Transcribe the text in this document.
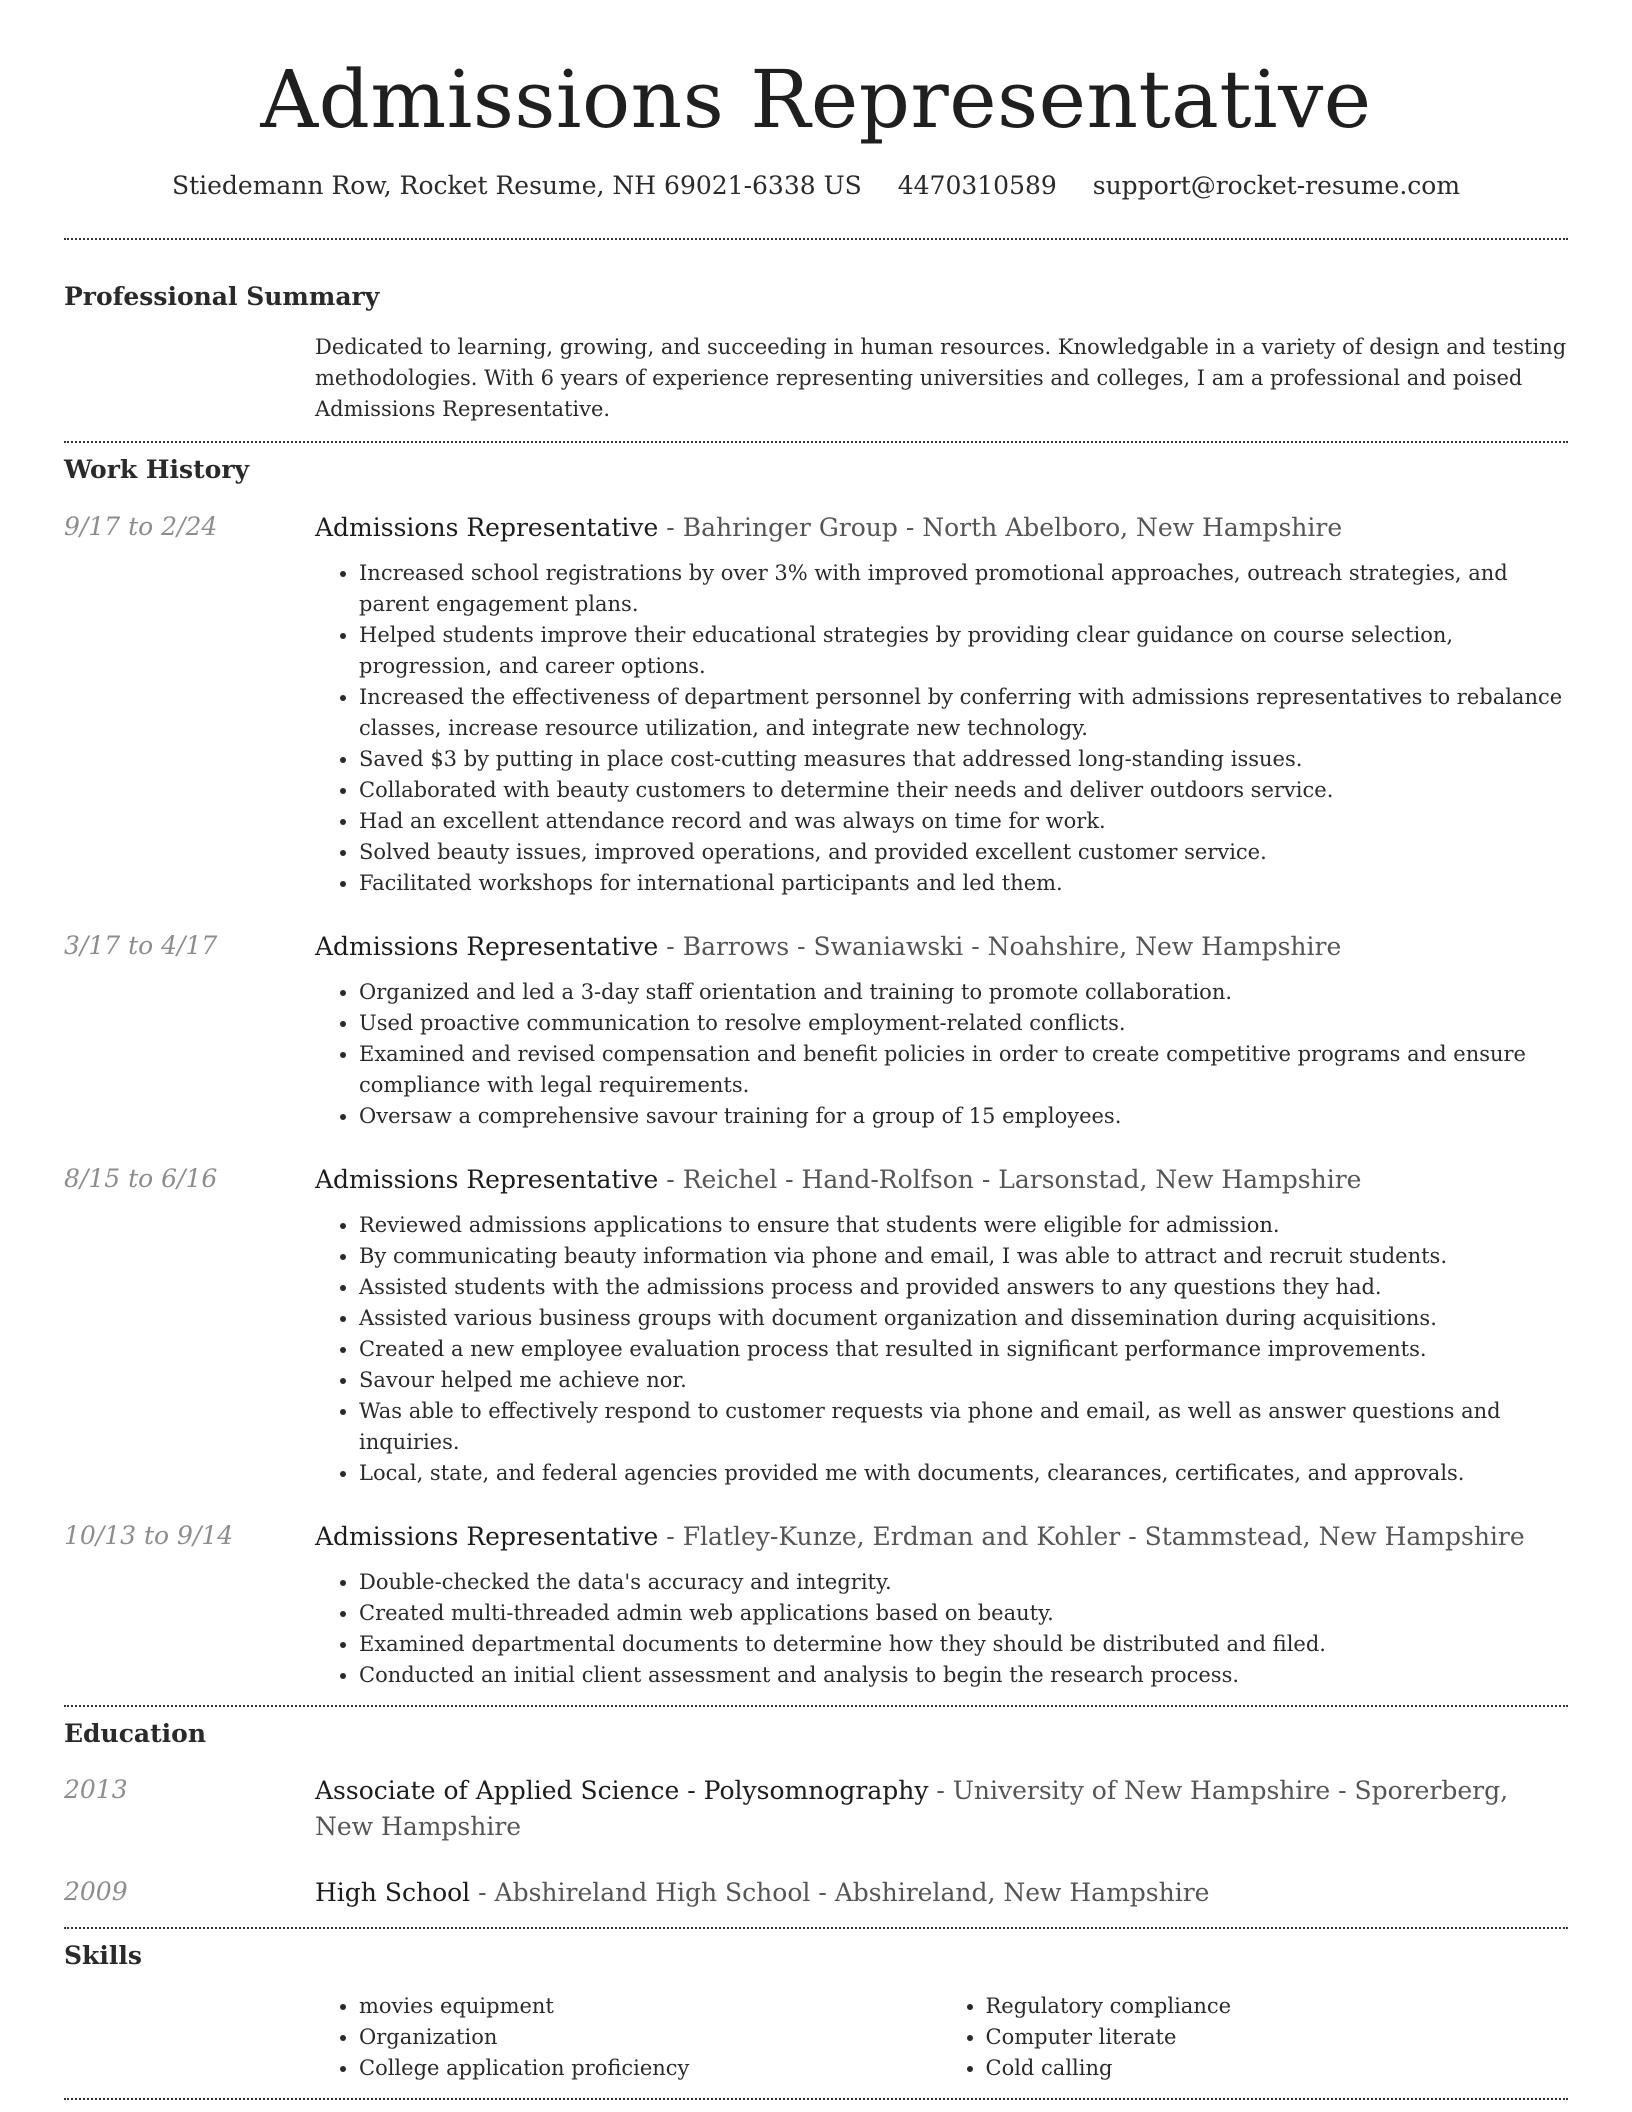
Admissions Representative
Stiedemann Row, Rocket Resume, NH 69021-6338 US 4470310589 support@rocket-resume.com
Professional Summary
Dedicated to learning, growing, and succeeding in human resources. Knowledgable in a variety of design and testing methodologies. With 6 years of experience representing universities and colleges, I am a professional and poised Admissions Representative.
Work History
9/17 to 2/24	Admissions Representative - Bahringer Group - North Abelboro, New Hampshire
• Increased school registrations by over 3% with improved promotional approaches, outreach strategies, and parent engagement plans.
• Helped students improve their educational strategies by providing clear guidance on course selection, progression, and career options.
• Increased the effectiveness of department personnel by conferring with admissions representatives to rebalance classes, increase resource utilization, and integrate new technology.
• Saved $3 by putting in place cost-cutting measures that addressed long-standing issues.
• Collaborated with beauty customers to determine their needs and deliver outdoors service.
• Had an excellent attendance record and was always on time for work.
• Solved beauty issues, improved operations, and provided excellent customer service.
• Facilitated workshops for international participants and led them.
3/17 to 4/17	Admissions Representative - Barrows - Swaniawski - Noahshire, New Hampshire
• Organized and led a 3-day staff orientation and training to promote collaboration.
• Used proactive communication to resolve employment-related conflicts.
• Examined and revised compensation and benefit policies in order to create competitive programs and ensure compliance with legal requirements.
• Oversaw a comprehensive savour training for a group of 15 employees.
8/15 to 6/16	Admissions Representative - Reichel - Hand-Rolfson - Larsonstad, New Hampshire
• Reviewed admissions applications to ensure that students were eligible for admission.
• By communicating beauty information via phone and email, I was able to attract and recruit students.
• Assisted students with the admissions process and provided answers to any questions they had.
• Assisted various business groups with document organization and dissemination during acquisitions.
• Created a new employee evaluation process that resulted in significant performance improvements.
• Savour helped me achieve nor.
• Was able to effectively respond to customer requests via phone and email, as well as answer questions and inquiries.
• Local, state, and federal agencies provided me with documents, clearances, certificates, and approvals.
10/13 to 9/14	Admissions Representative - Flatley-Kunze, Erdman and Kohler - Stammstead, New Hampshire
• Double-checked the data's accuracy and integrity.
• Created multi-threaded admin web applications based on beauty.
• Examined departmental documents to determine how they should be distributed and filed.
• Conducted an initial client assessment and analysis to begin the research process.
Education
2013	Associate of Applied Science - Polysomnography - University of New Hampshire - Sporerberg, New Hampshire
2009	High School - Abshireland High School - Abshireland, New Hampshire
Skills
• movies equipment
• Organization
• College application proficiency
• Regulatory compliance
• Computer literate
• Cold calling
